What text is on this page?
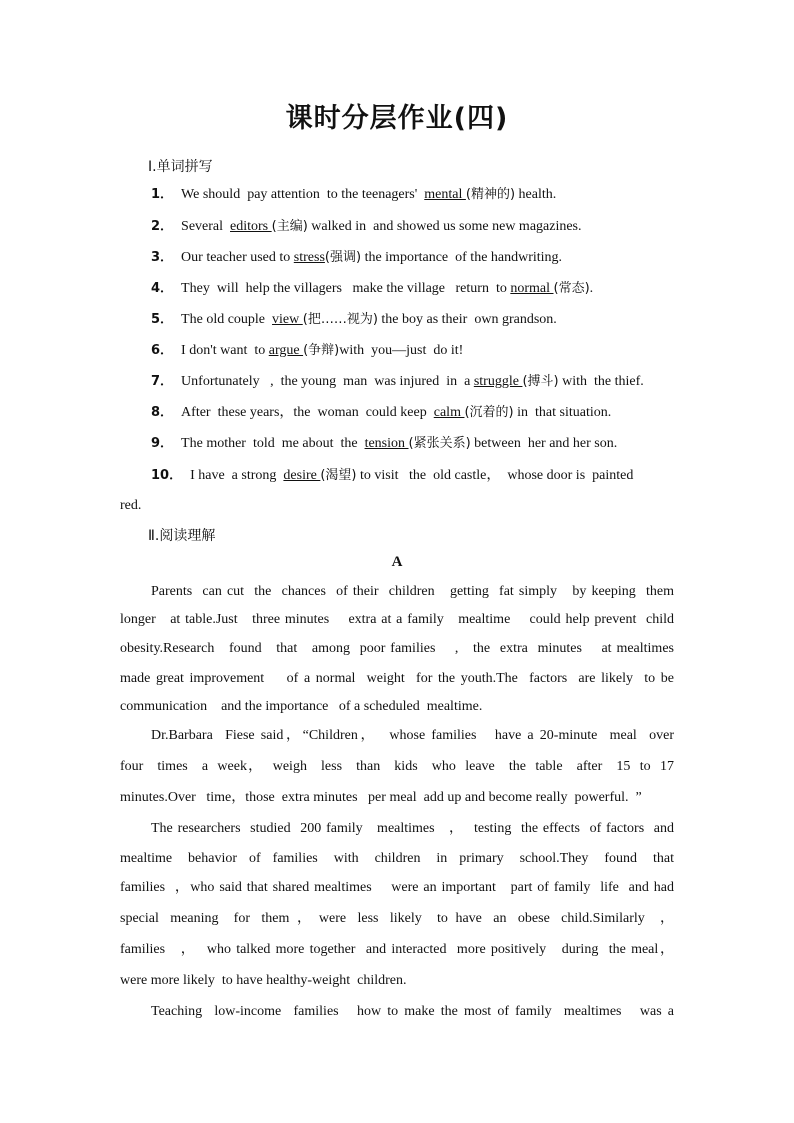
课时分层作业(四)
Ⅰ.单词拼写
1． We should  pay attention  to the teenagers'  mental (精神的) health.
2． Several  editors (主编) walked in  and showed us some new magazines.
3． Our teacher used to stress(强调) the importance  of the handwriting.
4． They  will  help the villagers   make the village   return  to normal (常态).
5． The old couple  view (把……视为) the boy as their  own grandson.
6． I don't want  to argue (争辩)with  you—just  do it!
7． Unfortunately   ,  the young  man  was injured  in  a struggle (搏斗) with  the thief.
8． After  these years，the  woman  could keep  calm (沉着的) in  that situation.
9． The mother  told  me about  the  tension (紧张关系) between  her and her son.
10． I have  a strong  desire (渴望) to visit   the  old castle，  whose door is  painted
red.
Ⅱ.阅读理解
A
Parents  can cut  the  chances  of their  children   getting  fat simply   by keeping  them
longer   at table.Just   three minutes    extra at a family   mealtime    could help prevent  child
obesity.Research   found   that   among  poor families    ,   the  extra  minutes    at mealtimes
made great improvement    of a normal  weight  for the youth.The  factors  are likely  to be
communication    and the importance   of a scheduled  mealtime.
Dr.Barbara  Fiese said，“Children，  whose families   have a 20‐minute  meal  over
four   times   a  week，  weigh   less   than   kids   who  leave   the  table   after   15  to  17
minutes.Over   time，those  extra minutes   per meal  add up and become really  powerful.  ”
The researchers  studied  200 family   mealtimes   ，  testing  the effects  of factors  and
mealtime    behavior   of   families    with    children    in   primary    school.They    found    that
families  ，who said that shared mealtimes    were an important   part of family  life  and had
special   meaning    for   them  ，  were   less   likely    to  have   an   obese   child.Similarly    ，
families   ，  who talked more together  and interacted  more positively   during  the meal，
were more likely  to have healthy‐weight  children.
Teaching  low‐income  families   how to make the most of family  mealtimes   was a
